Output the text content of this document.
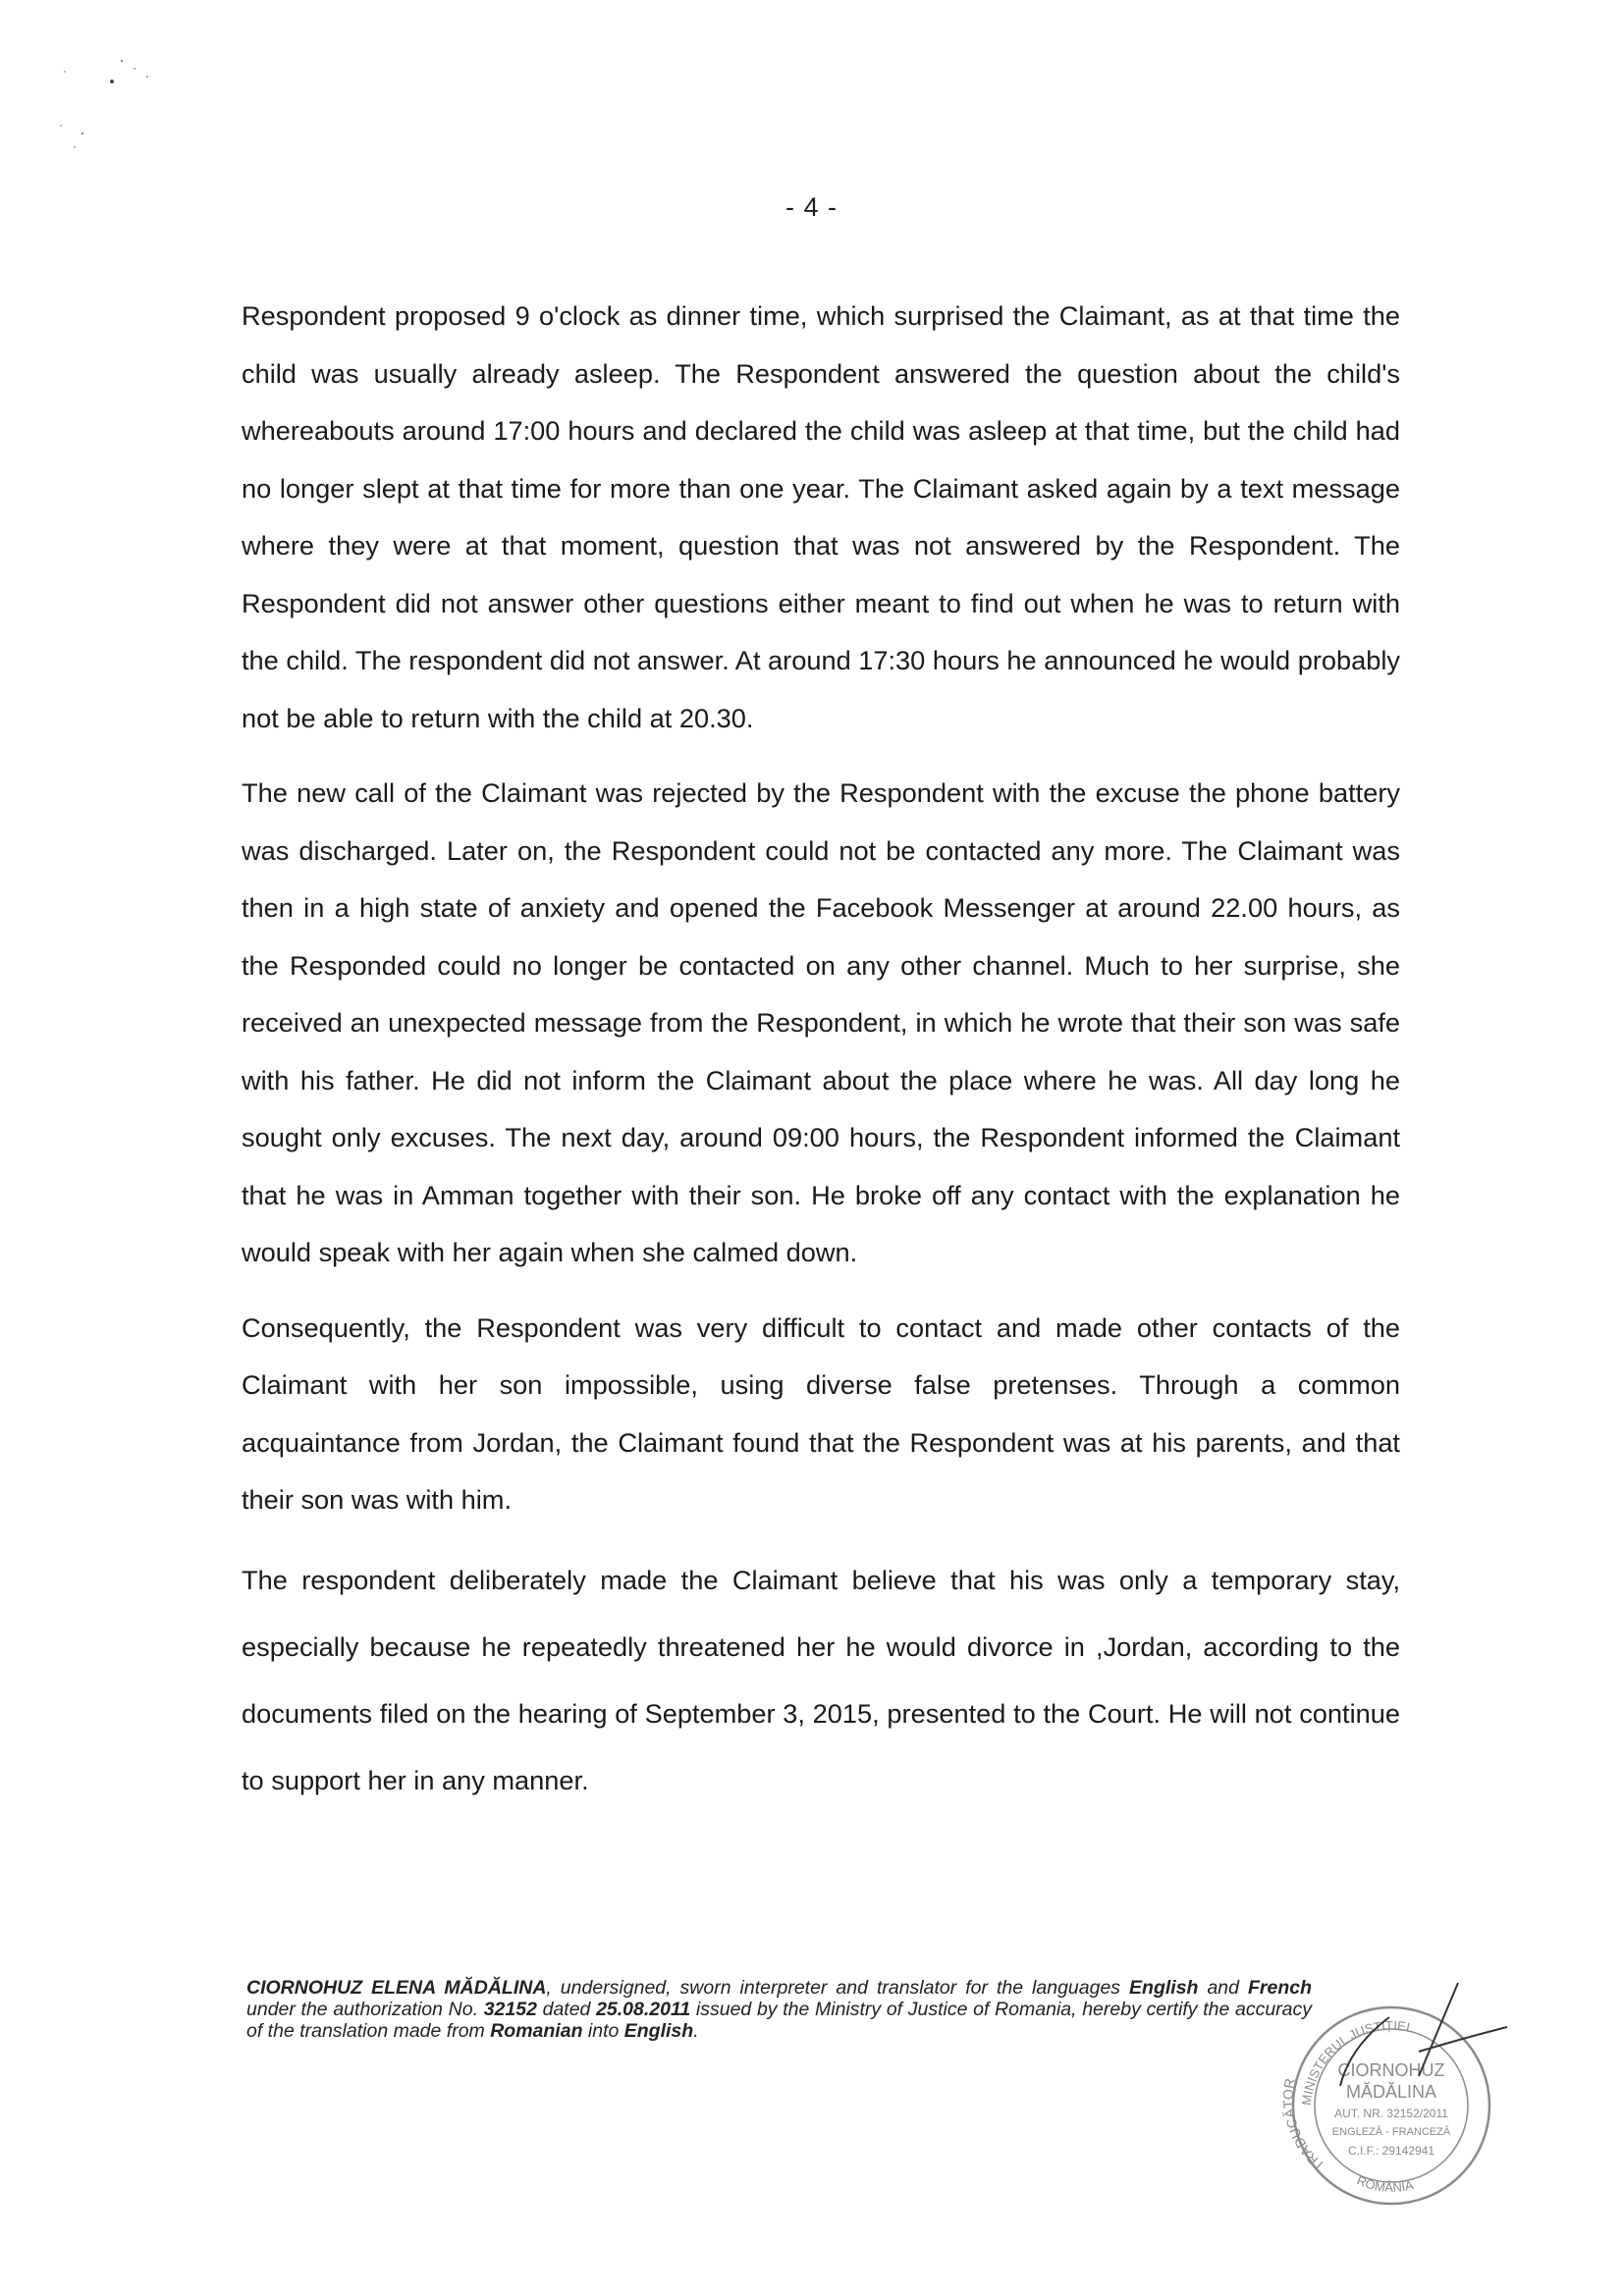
- 4 -

Respondent proposed 9 o'clock as dinner time, which surprised the Claimant, as at that time the child was usually already asleep. The Respondent answered the question about the child's whereabouts around 17:00 hours and declared the child was asleep at that time, but the child had no longer slept at that time for more than one year. The Claimant asked again by a text message where they were at that moment, question that was not answered by the Respondent. The Respondent did not answer other questions either meant to find out when he was to return with the child. The respondent did not answer. At around 17:30 hours he announced he would probably not be able to return with the child at 20.30.

The new call of the Claimant was rejected by the Respondent with the excuse the phone battery was discharged. Later on, the Respondent could not be contacted any more. The Claimant was then in a high state of anxiety and opened the Facebook Messenger at around 22.00 hours, as the Responded could no longer be contacted on any other channel. Much to her surprise, she received an unexpected message from the Respondent, in which he wrote that their son was safe with his father. He did not inform the Claimant about the place where he was. All day long he sought only excuses. The next day, around 09:00 hours, the Respondent informed the Claimant that he was in Amman together with their son. He broke off any contact with the explanation he would speak with her again when she calmed down.

Consequently, the Respondent was very difficult to contact and made other contacts of the Claimant with her son impossible, using diverse false pretenses. Through a common acquaintance from Jordan, the Claimant found that the Respondent was at his parents, and that their son was with him.

The respondent deliberately made the Claimant believe that his was only a temporary stay, especially because he repeatedly threatened her he would divorce in ,Jordan, according to the documents filed on the hearing of September 3, 2015, presented to the Court. He will not continue to support her in any manner.

CIORNOHUZ ELENA MĂDĂLINA, undersigned, sworn interpreter and translator for the languages English and French under the authorization No. 32152 dated 25.08.2011 issued by the Ministry of Justice of Romania, hereby certify the accuracy of the translation made from Romanian into English.
MINISTERUL JUSTIȚIEI
TRADUCĂTOR
CIORNOHUZ
MĂDĂLINA
AUT. NR. 32152/2011
ENGLEZĂ - FRANCEZĂ
C.I.F.: 29142941
ROMÂNIA
